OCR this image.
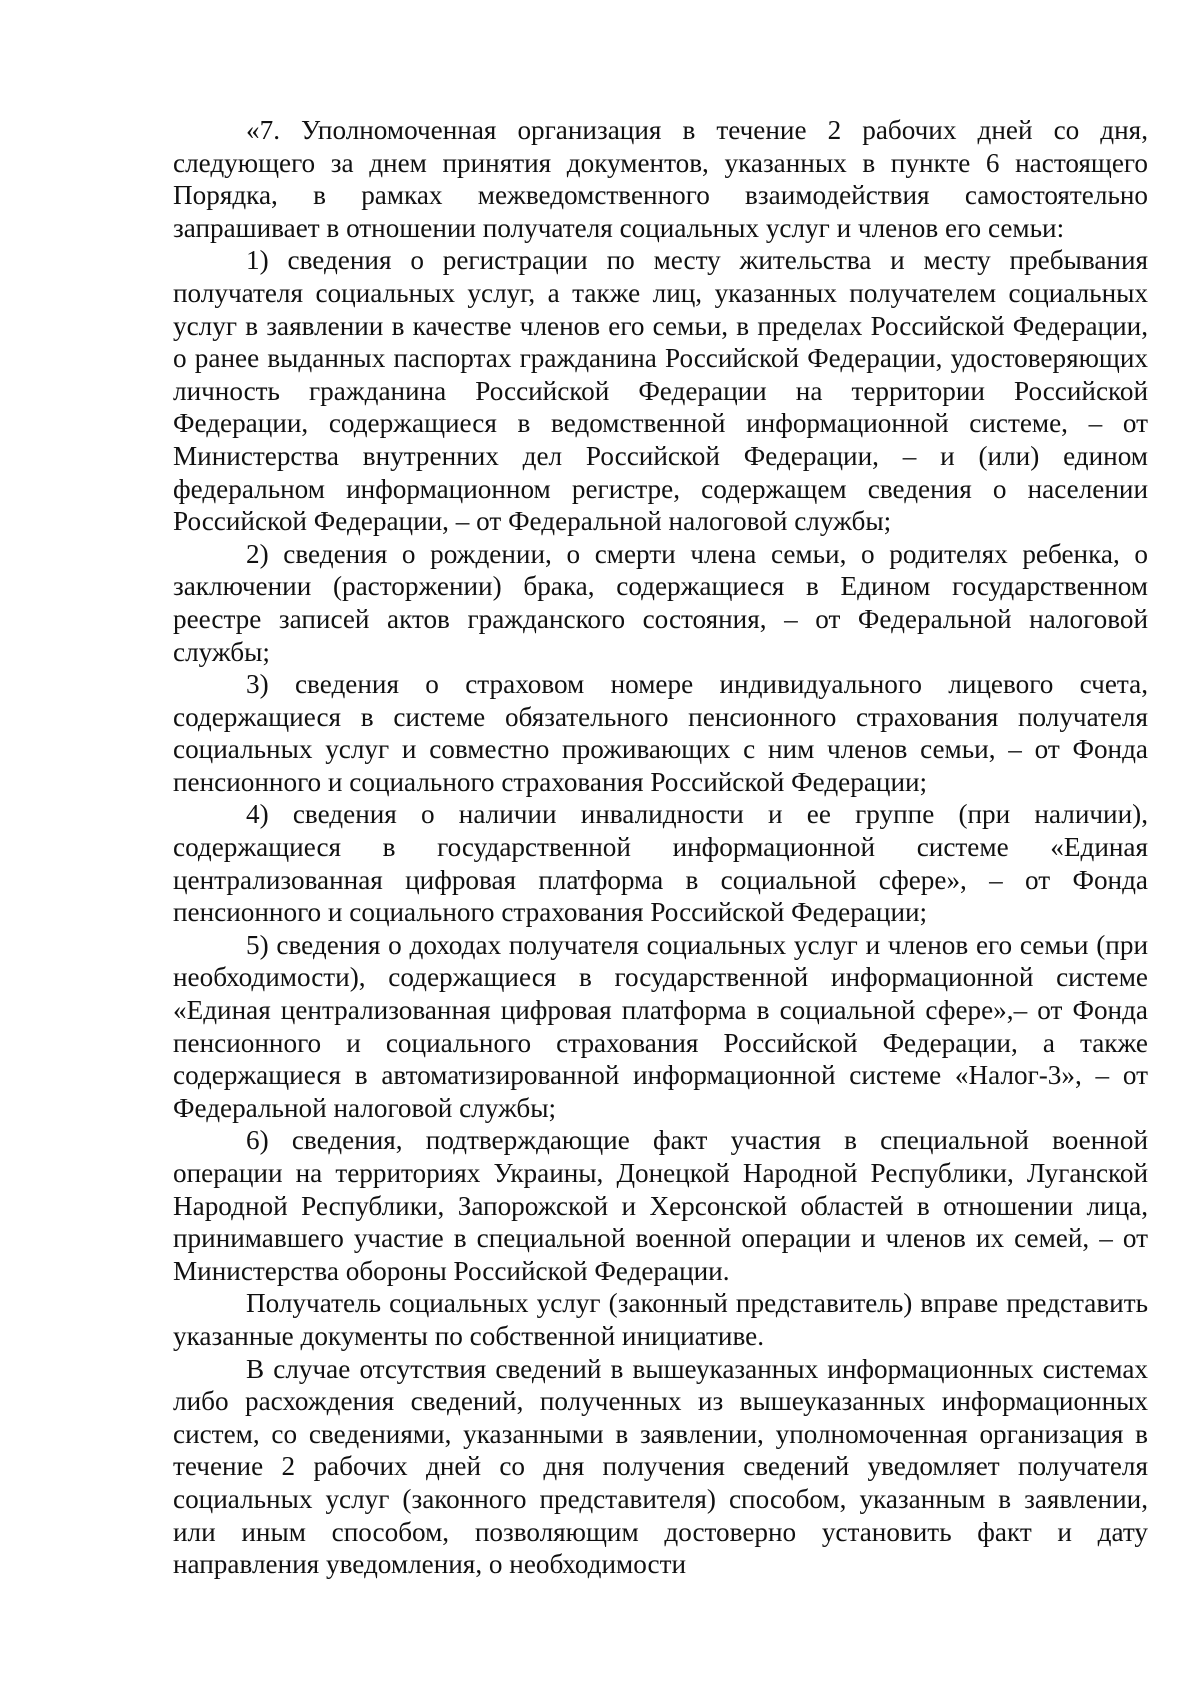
«7. Уполномоченная организация в течение 2 рабочих дней со дня, следующего за днем принятия документов, указанных в пункте 6 настоящего Порядка, в рамках межведомственного взаимодействия самостоятельно запрашивает в отношении получателя социальных услуг и членов его семьи:

1) сведения о регистрации по месту жительства и месту пребывания получателя социальных услуг, а также лиц, указанных получателем социальных услуг в заявлении в качестве членов его семьи, в пределах Российской Федерации, о ранее выданных паспортах гражданина Российской Федерации, удостоверяющих личность гражданина Российской Федерации на территории Российской Федерации, содержащиеся в ведомственной информационной системе, – от Министерства внутренних дел Российской Федерации, – и (или) едином федеральном информационном регистре, содержащем сведения о населении Российской Федерации, – от Федеральной налоговой службы;

2) сведения о рождении, о смерти члена семьи, о родителях ребенка, о заключении (расторжении) брака, содержащиеся в Едином государственном реестре записей актов гражданского состояния, – от Федеральной налоговой службы;

3) сведения о страховом номере индивидуального лицевого счета, содержащиеся в системе обязательного пенсионного страхования получателя социальных услуг и совместно проживающих с ним членов семьи, – от Фонда пенсионного и социального страхования Российской Федерации;

4) сведения о наличии инвалидности и ее группе (при наличии), содержащиеся в государственной информационной системе «Единая централизованная цифровая платформа в социальной сфере», – от Фонда пенсионного и социального страхования Российской Федерации;

5) сведения о доходах получателя социальных услуг и членов его семьи (при необходимости), содержащиеся в государственной информационной системе «Единая централизованная цифровая платформа в социальной сфере»,– от Фонда пенсионного и социального страхования Российской Федерации, а также содержащиеся в автоматизированной информационной системе «Налог-3», – от Федеральной налоговой службы;

6) сведения, подтверждающие факт участия в специальной военной операции на территориях Украины, Донецкой Народной Республики, Луганской Народной Республики, Запорожской и Херсонской областей в отношении лица, принимавшего участие в специальной военной операции и членов их семей, – от Министерства обороны Российской Федерации.

Получатель социальных услуг (законный представитель) вправе представить указанные документы по собственной инициативе.

В случае отсутствия сведений в вышеуказанных информационных системах либо расхождения сведений, полученных из вышеуказанных информационных систем, со сведениями, указанными в заявлении, уполномоченная организация в течение 2 рабочих дней со дня получения сведений уведомляет получателя социальных услуг (законного представителя) способом, указанным в заявлении, или иным способом, позволяющим достоверно установить факт и дату направления уведомления, о необходимости
